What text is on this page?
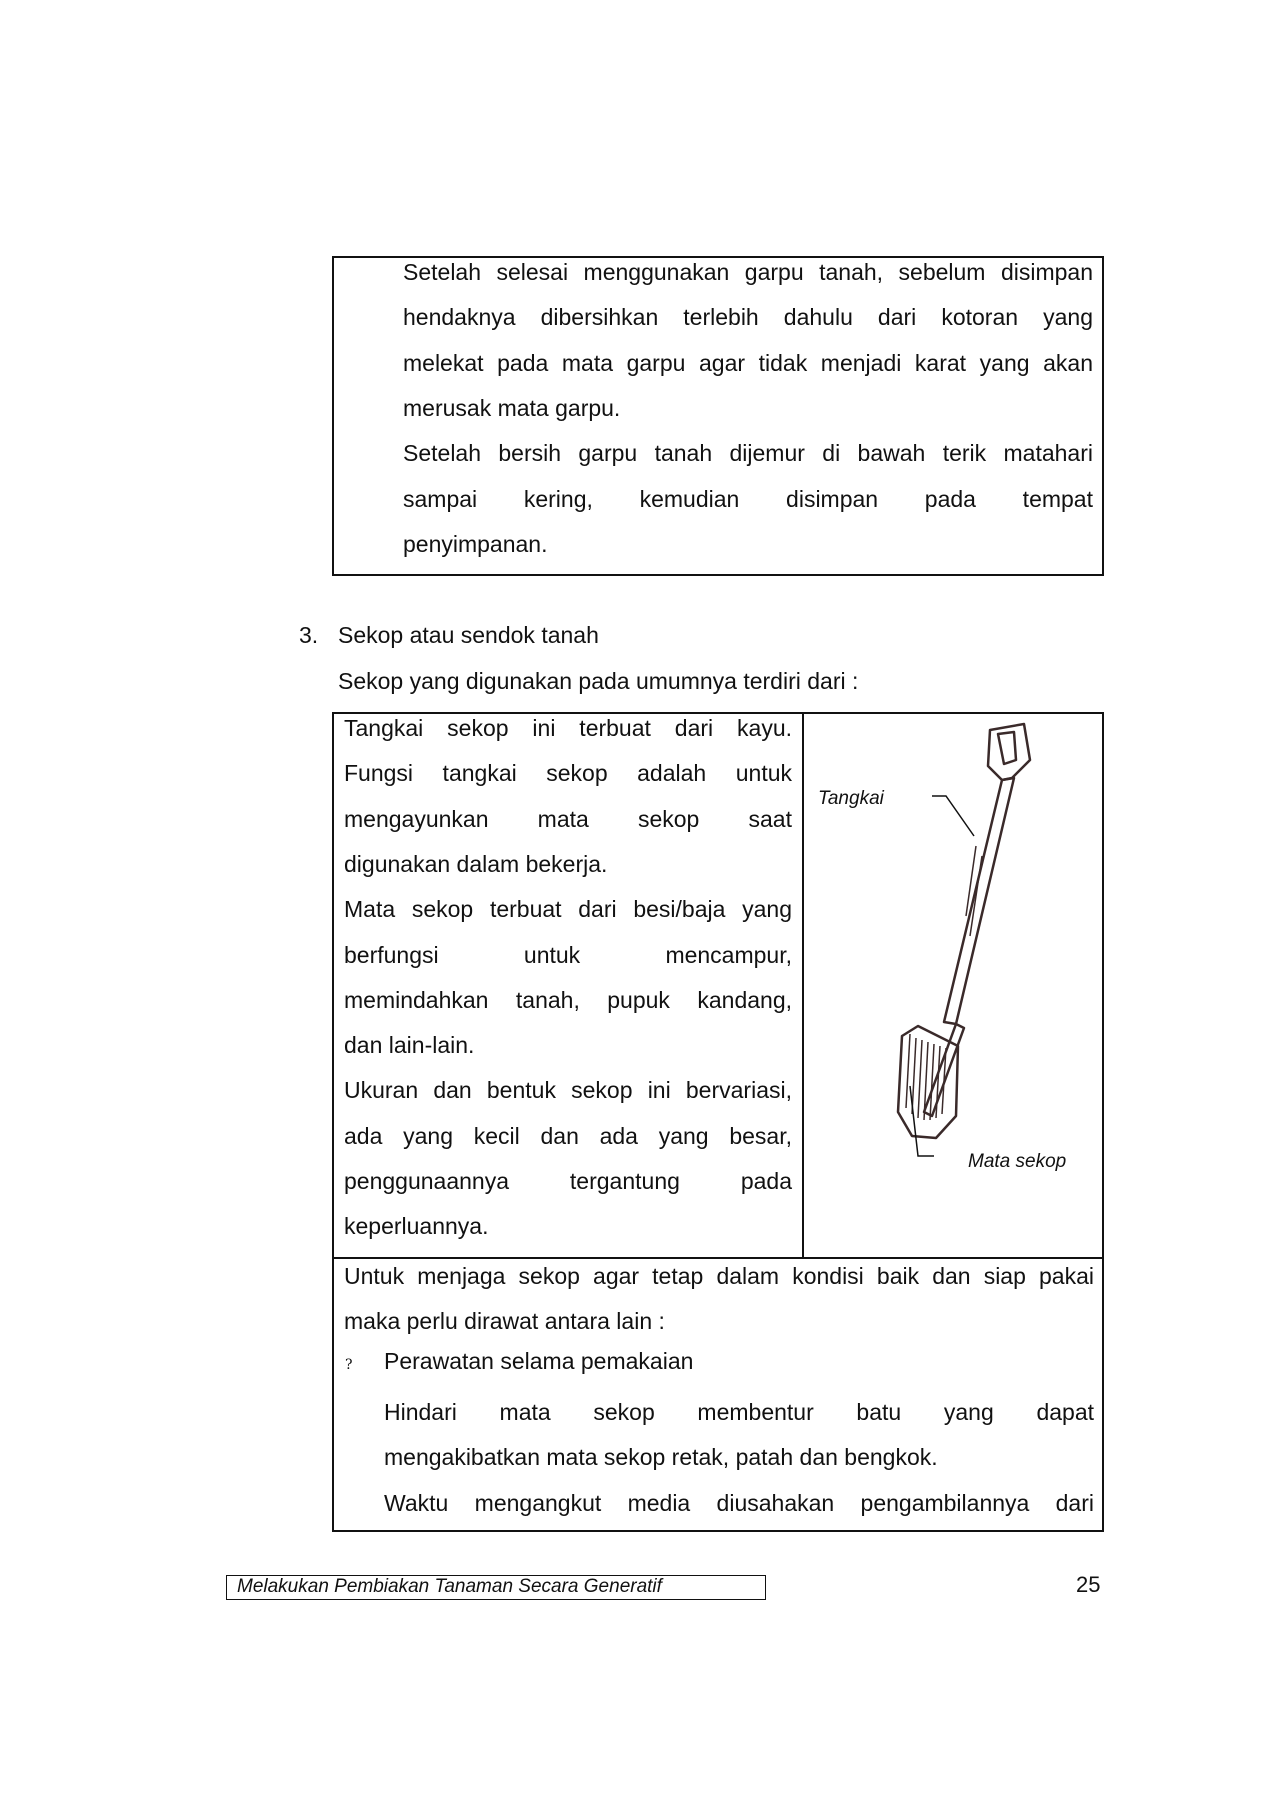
Setelah selesai menggunakan garpu tanah, sebelum disimpan
hendaknya dibersihkan terlebih dahulu dari kotoran yang
melekat pada mata garpu agar tidak menjadi karat yang akan
merusak mata garpu.
Setelah bersih garpu tanah dijemur di bawah terik matahari
sampai kering, kemudian disimpan pada tempat
penyimpanan.
3. Sekop atau sendok tanah
Sekop yang digunakan pada umumnya terdiri dari :
Tangkai sekop ini terbuat dari kayu.
Fungsi tangkai sekop adalah untuk
mengayunkan mata sekop saat
digunakan dalam bekerja.
Mata sekop terbuat dari besi/baja yang
berfungsi untuk mencampur,
memindahkan tanah, pupuk kandang,
dan lain-lain.
Ukuran dan bentuk sekop ini bervariasi,
ada yang kecil dan ada yang besar,
penggunaannya tergantung pada
keperluannya.
Tangkai
Mata sekop
Untuk menjaga sekop agar tetap dalam kondisi baik dan siap pakai
maka perlu dirawat antara lain :
? Perawatan selama pemakaian
Hindari mata sekop membentur batu yang dapat
mengakibatkan mata sekop retak, patah dan bengkok.
Waktu mengangkut media diusahakan pengambilannya dari
Melakukan Pembiakan Tanaman Secara Generatif	25
